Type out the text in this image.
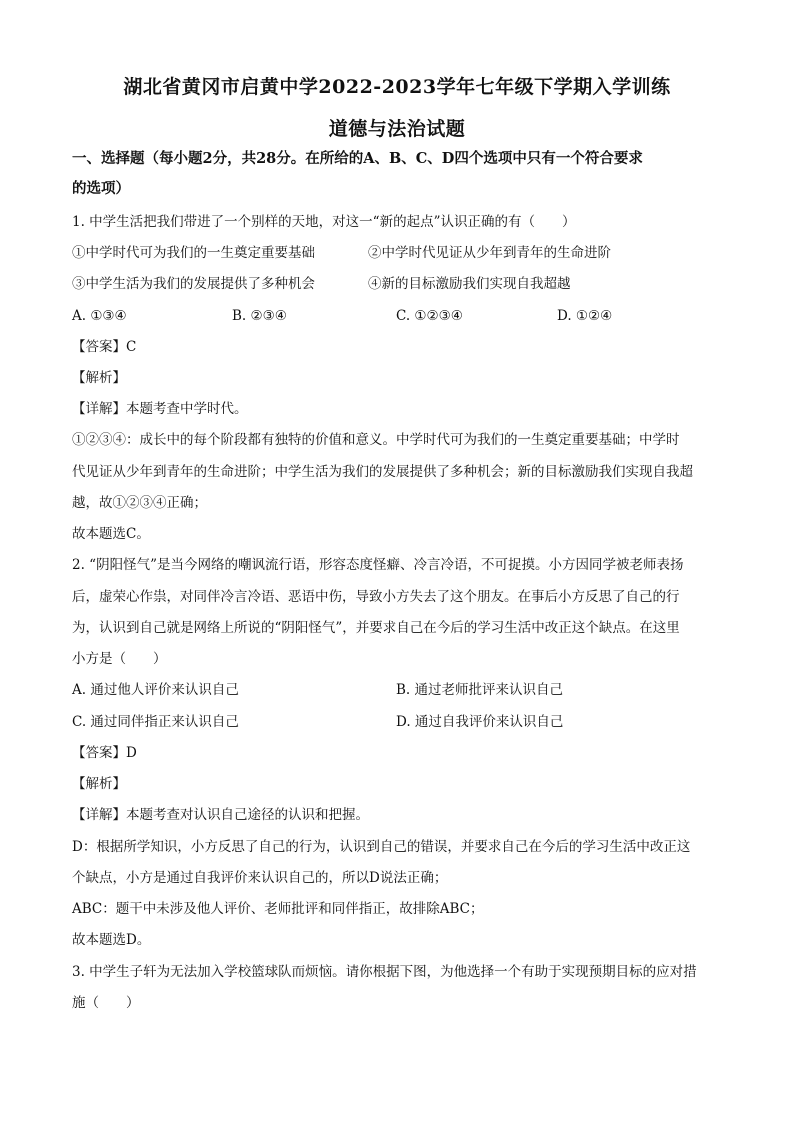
湖北省黄冈市启黄中学2022-2023学年七年级下学期入学训练
道德与法治试题
一、选择题（每小题2分，共28分。在所给的A、B、C、D四个选项中只有一个符合要求
的选项）
1. 中学生活把我们带进了一个别样的天地，对这一“新的起点”认识正确的有（　　）
①中学时代可为我们的一生奠定重要基础	②中学时代见证从少年到青年的生命进阶
③中学生活为我们的发展提供了多种机会	④新的目标激励我们实现自我超越
A. ①③④	B. ②③④	C. ①②③④	D. ①②④
【答案】C
【解析】
【详解】本题考查中学时代。
①②③④：成长中的每个阶段都有独特的价值和意义。中学时代可为我们的一生奠定重要基础；中学时
代见证从少年到青年的生命进阶；中学生活为我们的发展提供了多种机会；新的目标激励我们实现自我超
越，故①②③④正确；
故本题选C。
2. “阴阳怪气”是当今网络的嘲讽流行语，形容态度怪癖、冷言冷语，不可捉摸。小方因同学被老师表扬
后，虚荣心作祟，对同伴冷言冷语、恶语中伤，导致小方失去了这个朋友。在事后小方反思了自己的行
为，认识到自己就是网络上所说的“阴阳怪气”，并要求自己在今后的学习生活中改正这个缺点。在这里
小方是（　　）
A. 通过他人评价来认识自己	B. 通过老师批评来认识自己
C. 通过同伴指正来认识自己	D. 通过自我评价来认识自己
【答案】D
【解析】
【详解】本题考查对认识自己途径的认识和把握。
D：根据所学知识，小方反思了自己的行为，认识到自己的错误，并要求自己在今后的学习生活中改正这
个缺点，小方是通过自我评价来认识自己的，所以D说法正确；
ABC：题干中未涉及他人评价、老师批评和同伴指正，故排除ABC；
故本题选D。
3. 中学生子轩为无法加入学校篮球队而烦恼。请你根据下图，为他选择一个有助于实现预期目标的应对措
施（　　）
